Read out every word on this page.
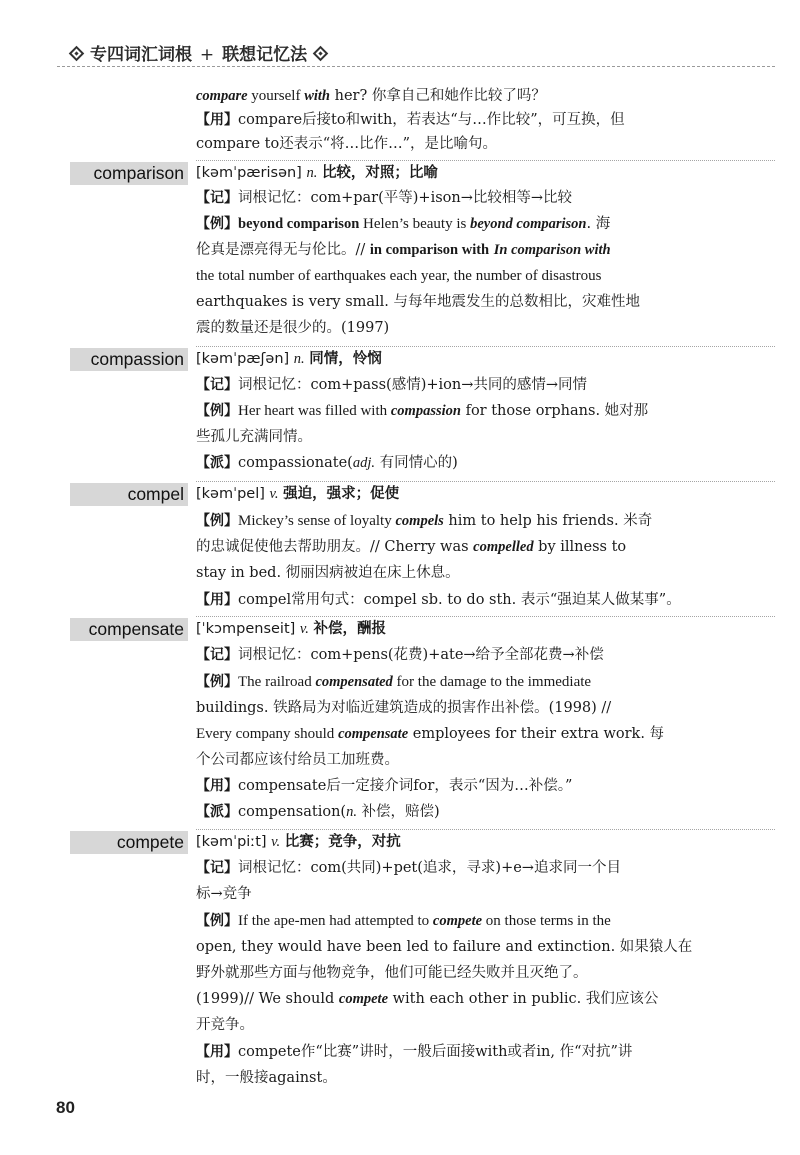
专四词汇词根 + 联想记忆法
compare yourself with her? 你拿自己和她作比较了吗？
【用】compare后接to和with，若表达“与…作比较”，可互换，但
compare to还表示“将…比作…”，是比喻句。
comparison [kəmˈpærisən] n. 比较，对照；比喻
【记】词根记忆：com+par(平等)+ison→比较相等→比较
【例】beyond comparison Helen’s beauty is beyond comparison. 海
伦真是漂亮得无与伦比。// in comparison with In comparison with
the total number of earthquakes each year, the number of disastrous
earthquakes is very small. 与每年地震发生的总数相比，灾难性地
震的数量还是很少的。(1997)
compassion [kəmˈpæʃən] n. 同情，怜悯
【记】词根记忆：com+pass(感情)+ion→共同的感情→同情
【例】Her heart was filled with compassion for those orphans. 她对那
些孤儿充满同情。
【派】compassionate(adj. 有同情心的)
compel [kəmˈpel] v. 强迫，强求；促使
【例】Mickey’s sense of loyalty compels him to help his friends. 米奇
的忠诚促使他去帮助朋友。// Cherry was compelled by illness to
stay in bed. 彻丽因病被迫在床上休息。
【用】compel常用句式：compel sb. to do sth. 表示“强迫某人做某事”。
compensate [ˈkɔmpenseit] v. 补偿，酬报
【记】词根记忆：com+pens(花费)+ate→给予全部花费→补偿
【例】The railroad compensated for the damage to the immediate
buildings. 铁路局为对临近建筑造成的损害作出补偿。(1998) //
Every company should compensate employees for their extra work. 每
个公司都应该付给员工加班费。
【用】compensate后一定接介词for，表示“因为…补偿。”
【派】compensation(n. 补偿，赔偿)
compete [kəmˈpiːt] v. 比赛；竞争，对抗
【记】词根记忆：com(共同)+pet(追求，寻求)+e→追求同一个目
标→竞争
【例】If the ape-men had attempted to compete on those terms in the
open, they would have been led to failure and extinction. 如果猿人在
野外就那些方面与他物竞争，他们可能已经失败并且灭绝了。
(1999)// We should compete with each other in public. 我们应该公
开竞争。
【用】compete作“比赛”讲时，一般后面接with或者in, 作“对抗”讲
时，一般接against。
80
